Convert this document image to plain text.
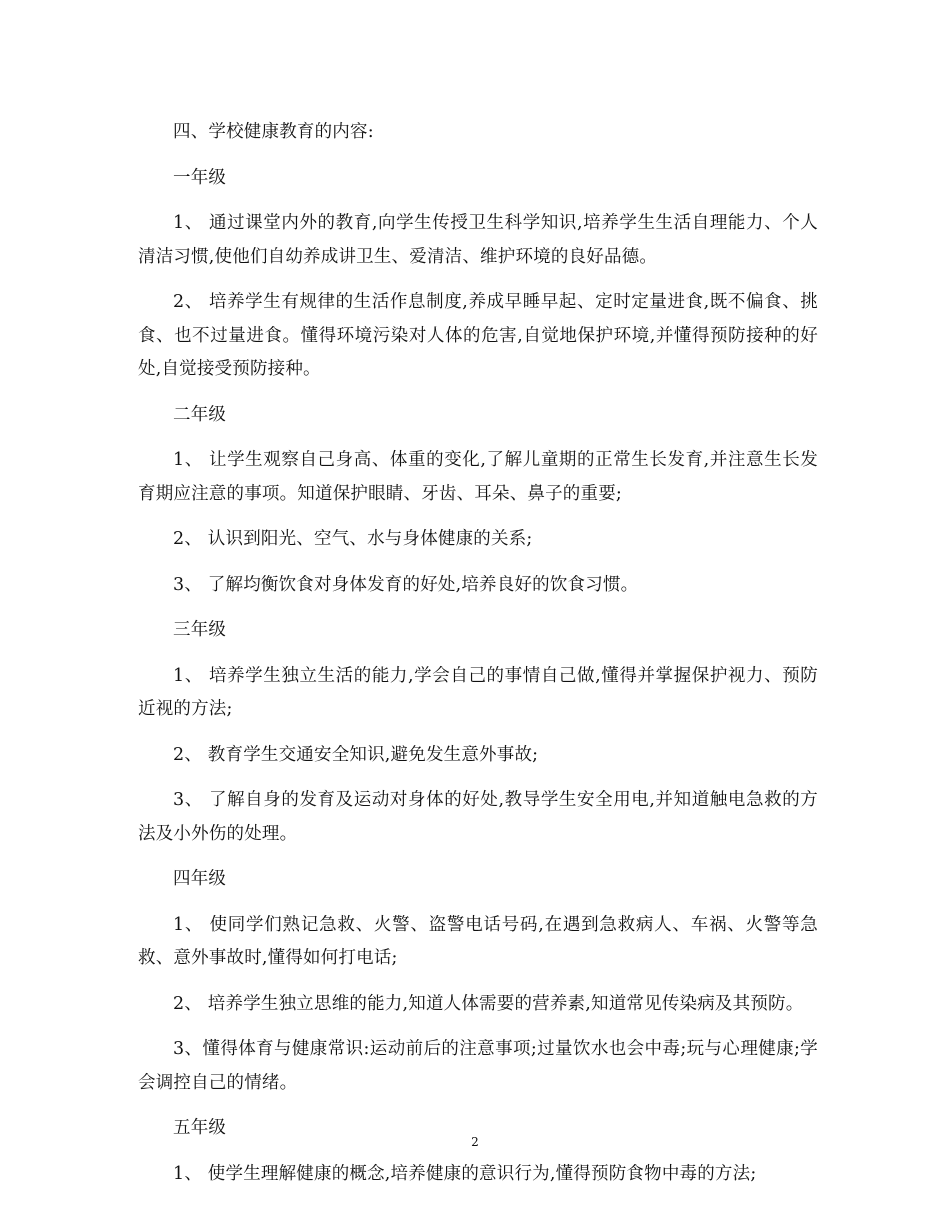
四、学校健康教育的内容:

一年级

1、 通过课堂内外的教育,向学生传授卫生科学知识,培养学生生活自理能力、个人清洁习惯,使他们自幼养成讲卫生、爱清洁、维护环境的良好品德。

2、 培养学生有规律的生活作息制度,养成早睡早起、定时定量进食,既不偏食、挑食、也不过量进食。懂得环境污染对人体的危害,自觉地保护环境,并懂得预防接种的好处,自觉接受预防接种。

二年级

1、 让学生观察自己身高、体重的变化,了解儿童期的正常生长发育,并注意生长发育期应注意的事项。知道保护眼睛、牙齿、耳朵、鼻子的重要;

2、 认识到阳光、空气、水与身体健康的关系;

3、 了解均衡饮食对身体发育的好处,培养良好的饮食习惯。

三年级

1、 培养学生独立生活的能力,学会自己的事情自己做,懂得并掌握保护视力、预防近视的方法;

2、 教育学生交通安全知识,避免发生意外事故;

3、 了解自身的发育及运动对身体的好处,教导学生安全用电,并知道触电急救的方法及小外伤的处理。

四年级

1、 使同学们熟记急救、火警、盗警电话号码,在遇到急救病人、车祸、火警等急救、意外事故时,懂得如何打电话;

2、 培养学生独立思维的能力,知道人体需要的营养素,知道常见传染病及其预防。

3、懂得体育与健康常识:运动前后的注意事项;过量饮水也会中毒;玩与心理健康;学会调控自己的情绪。

五年级

1、 使学生理解健康的概念,培养健康的意识行为,懂得预防食物中毒的方法;

2
